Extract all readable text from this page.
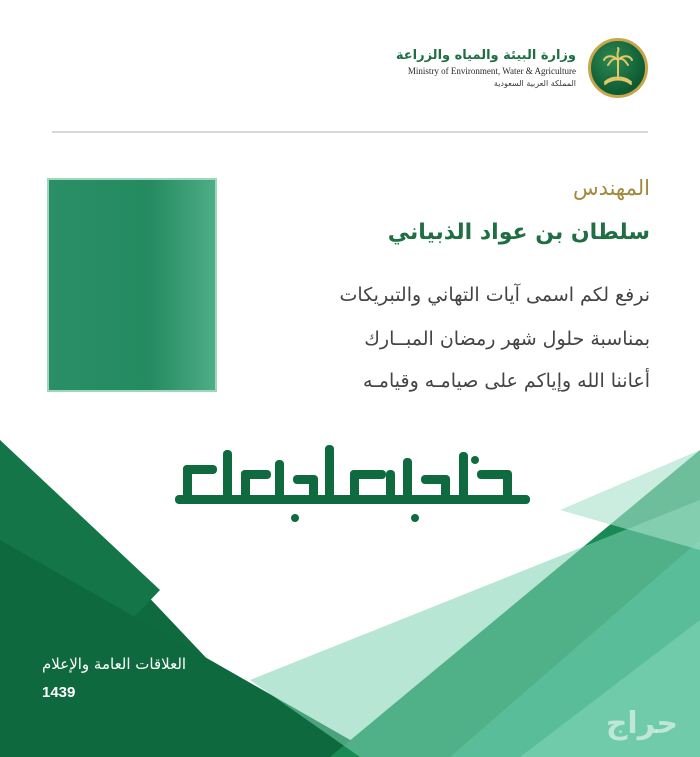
وزارة البيئة والمياه والزراعة
Ministry of Environment, Water & Agriculture
المملكة العربية السعودية
المهندس
سلطان بن عواد الذبياني
نرفع لكم اسمى آيات التهاني والتبريكات
بمناسبة حلول شهر رمضان المبــارك
أعاننا الله وإياكم على صيامـه وقيامـه
العلاقات العامة والإعلام
1439
حراج
